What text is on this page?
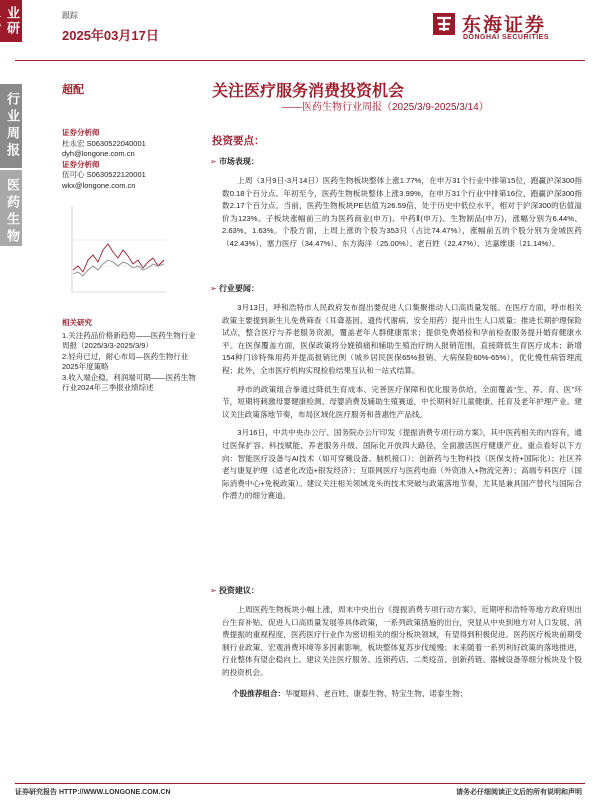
业研
跟踪
2025年03月17日	东海证券
DONGHAI SECURITIES
行业周报
医药生物
超配
证券分析师
杜永宏 S0630522040001
dyh@longone.com.cn
证券分析师
伍可心 S0630522120001
wkx@longone.com.cn
相关研究
1.关注药品价格新趋势——医药生物行业周报（2025/3/3-2025/3/9）
2.轻舟已过，耐心布局—医药生物行业2025年度策略
3.收入端企稳，利润端可期——医药生物行业2024年三季报业绩综述
关注医疗服务消费投资机会
——医药生物行业周报（2025/3/9-2025/3/14）
投资要点：
➢ 市场表现：
上周（3月9日-3月14日）医药生物板块整体上涨1.77%，在申万31个行业中排第15位，跑赢沪深300指数0.18个百分点。年初至今，医药生物板块整体上涨3.99%，在申万31个行业中排第16位，跑赢沪深300指数2.17个百分点。当前，医药生物板块PE估值为26.59倍，处于历史中低位水平，相对于沪深300的估值溢价为123%。子板块涨幅前三的为医药商业(申万)、中药Ⅱ(申万)、生物制品(申万)，涨幅分别为6.44%、2.63%、1.63%。个股方面，上周上涨的个股为353只（占比74.47%），涨幅前五的个股分别为金城医药（42.43%）、塞力医疗（34.47%）、东方海洋（25.00%）、老百姓（22.47%）、达嘉维康（21.14%）。
➢ 行业要闻：
3月13日，呼和浩特市人民政府发布提出要促进人口集聚推动人口高质量发展。在医疗方面，呼市相关政策主要提到新生儿免费筛查（耳聋基因、遗传代谢病、安全用药）提升出生人口质量；推进长期护理保险试点，整合医疗与养老服务资源，覆盖老年人群健康需求；提供免费婚检和孕前检查服务提升婚育健康水平。在医保覆盖方面，医保政策将分娩镇痛和辅助生殖治疗纳入报销范围，直接降低生育医疗成本；新增154种门诊特殊用药并提高报销比例（城乡居民医保65%报销、大病保险60%-65%），优化慢性病管理流程；此外，全市医疗机构实现检验结果互认和一站式结算。
呼市的政策组合拳通过降低生育成本、完善医疗保障和优化服务供给，全面覆盖“生、养、育、医”环节，短期将刺激母婴健康检测、母婴消费及辅助生殖赛道，中长期利好儿童健康、托育及老年护理产业。建议关注政策落地节奏，布局区域化医疗服务和普惠性产品线。
3月16日，中共中央办公厅、国务院办公厅印发《提振消费专项行动方案》，其中医药相关的内容有，通过医保扩容、科技赋能、养老服务升级、国际化开放四大路径，全面激活医疗健康产业。重点看好以下方向：智能医疗设备与AI技术（如可穿戴设备、脑机接口）；创新药与生物科技（医保支持+国际化）；社区养老与康复护理（适老化改造+银发经济）；互联网医疗与医药电商（外资准入+物流完善）；高端专科医疗（国际消费中心+免税政策）。建议关注相关领域龙头的技术突破与政策落地节奏，尤其是兼具国产替代与国际合作潜力的细分赛道。
➢ 投资建议：
上周医药生物板块小幅上涨，周末中央出台《提振消费专项行动方案》，近期呼和浩特等地方政府则出台生育补贴、促进人口高质量发展等具体政策，一系列政策措施的出台，突显从中央到地方对人口发展、消费提振的重视程度，医药医疗行业作为密切相关的细分板块领域，有望得到积极促进。医药医疗板块前期受制行业政策、宏观消费环境等多因素影响，板块整体复苏步伐缓慢；未来随着一系列利好政策的落地推进，行业整体有望企稳向上。建议关注医疗服务、连锁药店、二类疫苗、创新药链、器械设备等细分板块及个股的投资机会。
个股推荐组合：华厦眼科、老百姓、康泰生物、特宝生物、诺泰生物；
证券研究报告 HTTP://WWW.LONGONE.COM.CN	请务必仔细阅读正文后的所有说明和声明
